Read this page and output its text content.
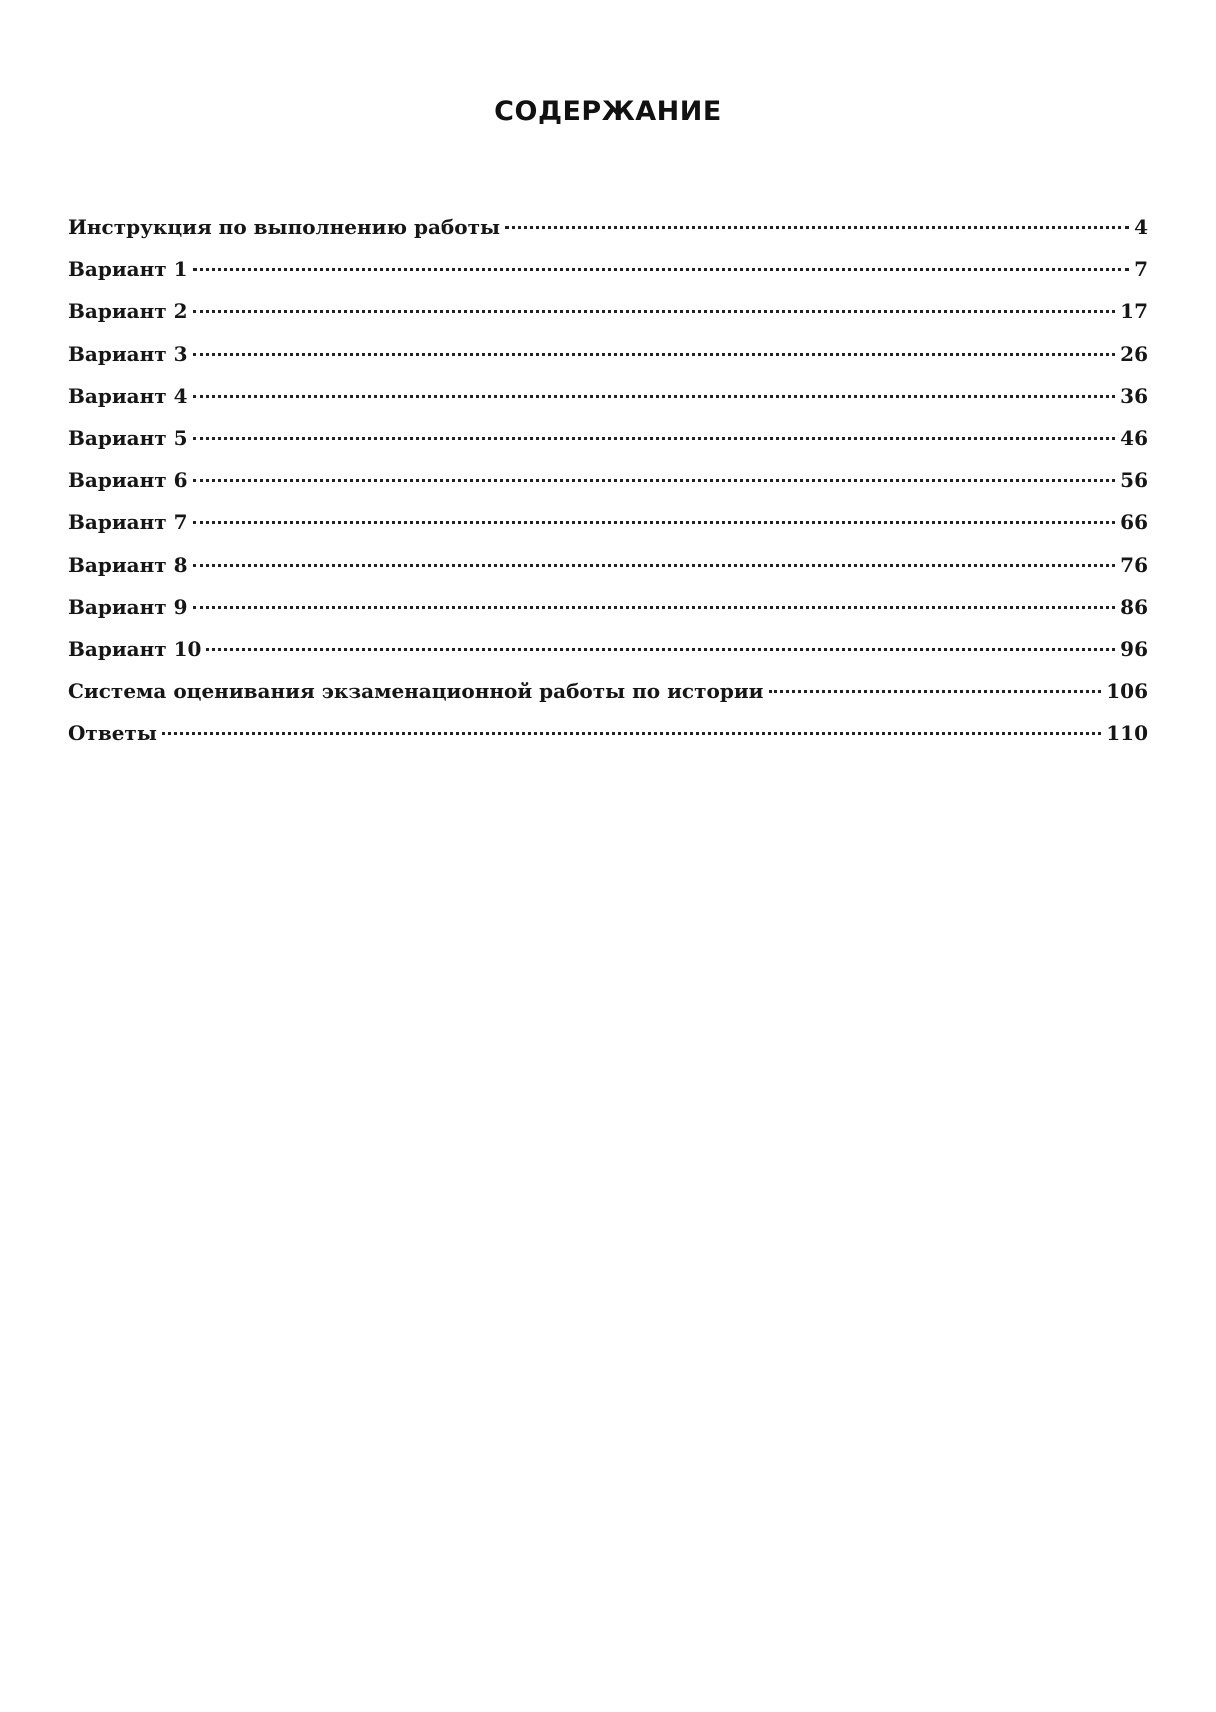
СОДЕРЖАНИЕ
Инструкция по выполнению работы	4
Вариант 1	7
Вариант 2	17
Вариант 3	26
Вариант 4	36
Вариант 5	46
Вариант 6	56
Вариант 7	66
Вариант 8	76
Вариант 9	86
Вариант 10	96
Система оценивания экзаменационной работы по истории	106
Ответы	110
